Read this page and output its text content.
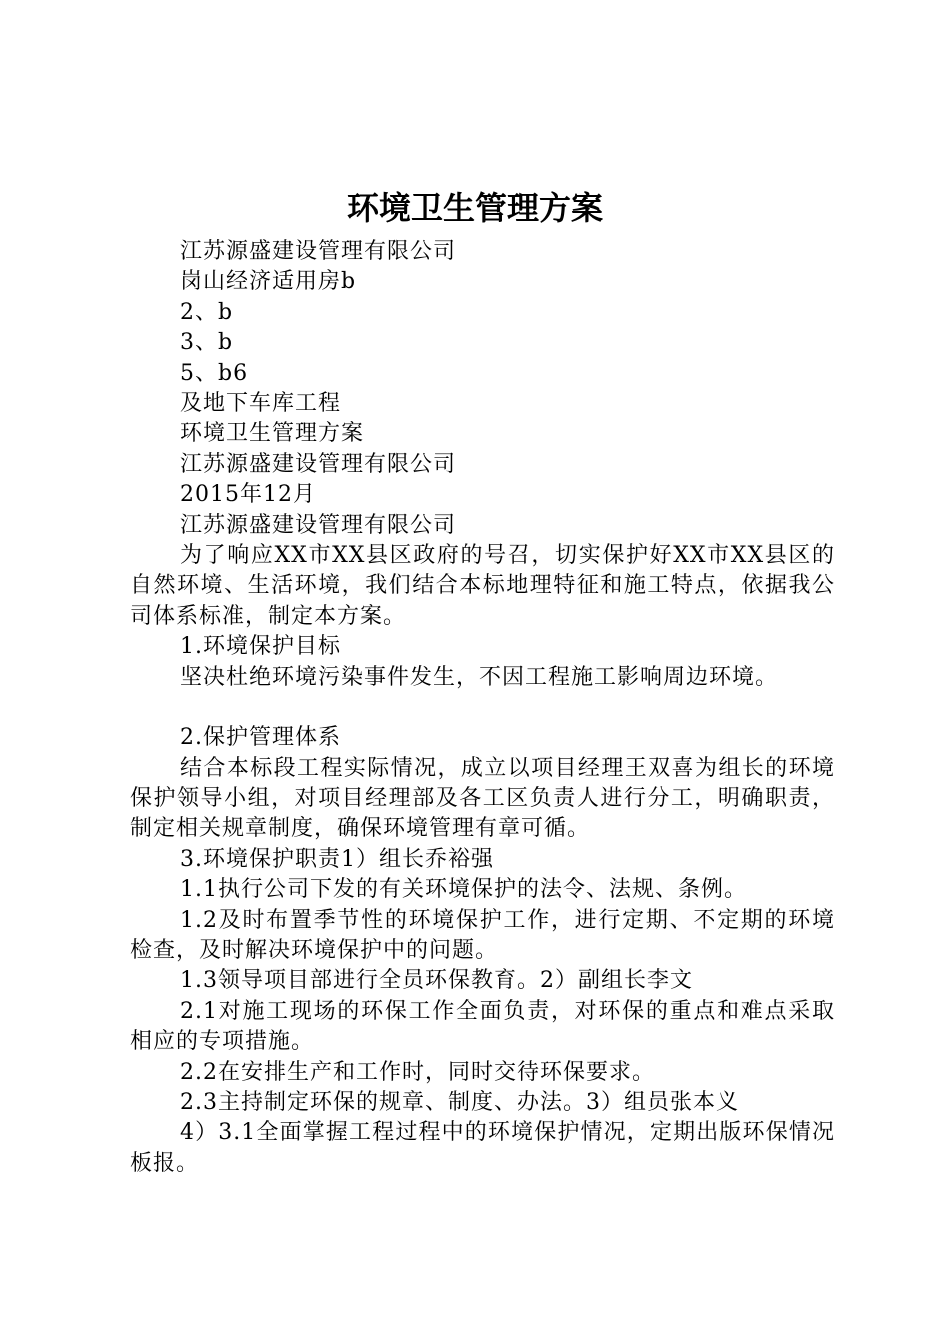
环境卫生管理方案

江苏源盛建设管理有限公司

岗山经济适用房b

2、b

3、b

5、b6

及地下车库工程

环境卫生管理方案

江苏源盛建设管理有限公司

2015年12月

江苏源盛建设管理有限公司

为了响应XX市XX县区政府的号召，切实保护好XX市XX县区的自然环境、生活环境，我们结合本标地理特征和施工特点，依据我公司体系标准，制定本方案。

1.环境保护目标

坚决杜绝环境污染事件发生，不因工程施工影响周边环境。

2.保护管理体系

结合本标段工程实际情况，成立以项目经理王双喜为组长的环境保护领导小组，对项目经理部及各工区负责人进行分工，明确职责，制定相关规章制度，确保环境管理有章可循。

3.环境保护职责1）组长乔裕强

1.1执行公司下发的有关环境保护的法令、法规、条例。

1.2及时布置季节性的环境保护工作，进行定期、不定期的环境检查，及时解决环境保护中的问题。

1.3领导项目部进行全员环保教育。2）副组长李文

2.1对施工现场的环保工作全面负责，对环保的重点和难点采取相应的专项措施。

2.2在安排生产和工作时，同时交待环保要求。

2.3主持制定环保的规章、制度、办法。3）组员张本义

4）3.1全面掌握工程过程中的环境保护情况，定期出版环保情况板报。
